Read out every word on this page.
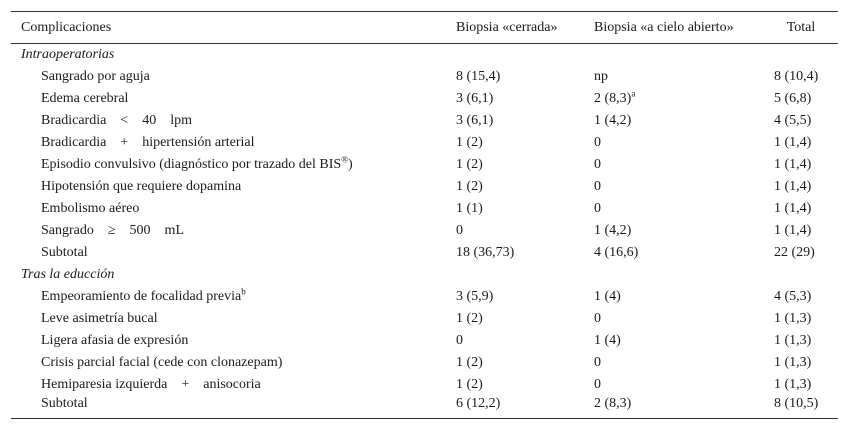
Complicaciones	Biopsia «cerrada»	Biopsia «a cielo abierto»	Total
Intraoperatorias			
Sangrado por aguja	8 (15,4)	np	8 (10,4)
Edema cerebral	3 (6,1)	2 $(8,3)^a$	5 (6,8)
Bradicardia < 40 lpm	3 (6,1)	1 (4,2)	4 (5,5)
Bradicardia + hipertensión arterial	1 (2)	0	1 (1,4)
Episodio convulsivo (diagnóstico por trazado del BIS®)	1 (2)	0	1 (1,4)
Hipotensión que requiere dopamina	1 (2)	0	1 (1,4)
Embolismo aéreo	1 (1)	0	1 (1,4)
Sangrado ≥ 500 mL	0	1 (4,2)	1 (1,4)
Subtotal	18 (36,73)	4 (16,6)	22 (29)
Tras la educción			
Empeoramiento de focalidad previa$^b$	3 (5,9)	1 (4)	4 (5,3)
Leve asimetría bucal	1 (2)	0	1 (1,3)
Ligera afasia de expresión	0	1 (4)	1 (1,3)
Crisis parcial facial (cede con clonazepam)	1 (2)	0	1 (1,3)
Hemiparesia izquierda + anisocoria	1 (2)	0	1 (1,3)
Subtotal	6 (12,2)	2 (8,3)	8 (10,5)
